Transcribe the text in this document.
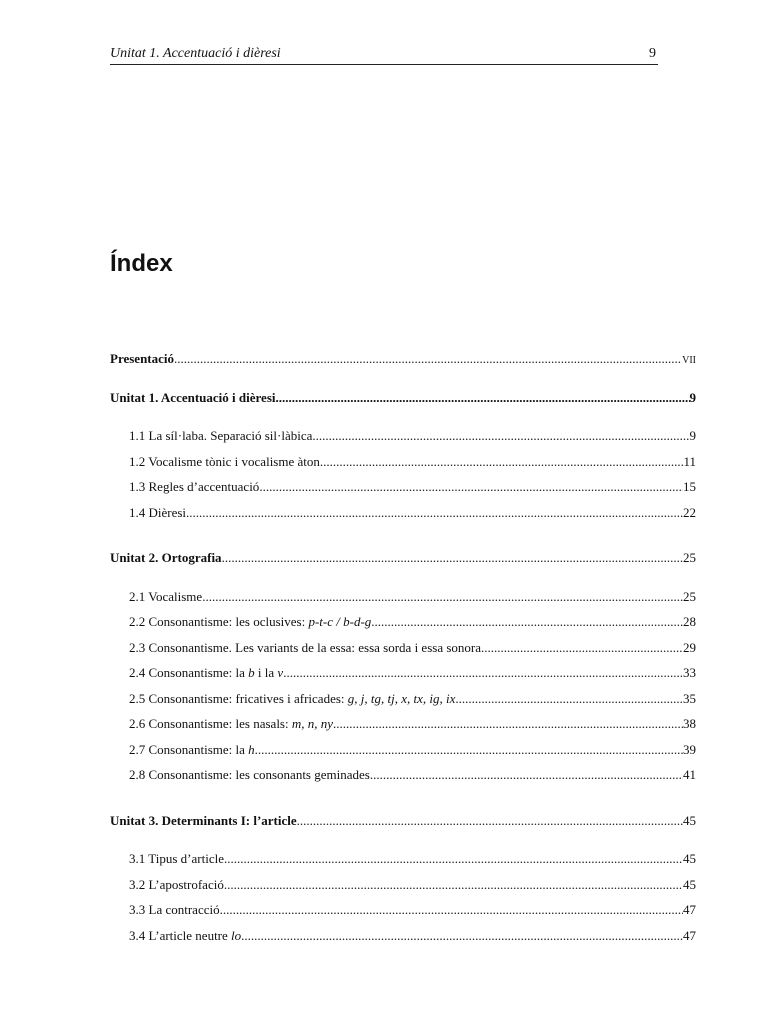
Unitat 1. Accentuació i dièresi	9
Índex
Presentació .....	VII
Unitat 1. Accentuació i dièresi .....	9
1.1 La síl·laba. Separació sil·làbica .....	9
1.2 Vocalisme tònic i vocalisme àton .....	11
1.3 Regles d’accentuació .....	15
1.4 Dièresi .....	22
Unitat 2. Ortografia .....	25
2.1 Vocalisme .....	25
2.2 Consonantisme: les oclusives: p-t-c / b-d-g .....	28
2.3 Consonantisme. Les variants de la essa: essa sorda i essa sonora .....	29
2.4 Consonantisme: la b i la v .....	33
2.5 Consonantisme: fricatives i africades: g, j, tg, tj, x, tx, ig, ix .....	35
2.6 Consonantisme: les nasals: m, n, ny .....	38
2.7 Consonantisme: la h .....	39
2.8 Consonantisme: les consonants geminades .....	41
Unitat 3. Determinants I: l’article .....	45
3.1 Tipus d’article .....	45
3.2 L’apostrofació .....	45
3.3 La contracció .....	47
3.4 L’article neutre lo .....	47
